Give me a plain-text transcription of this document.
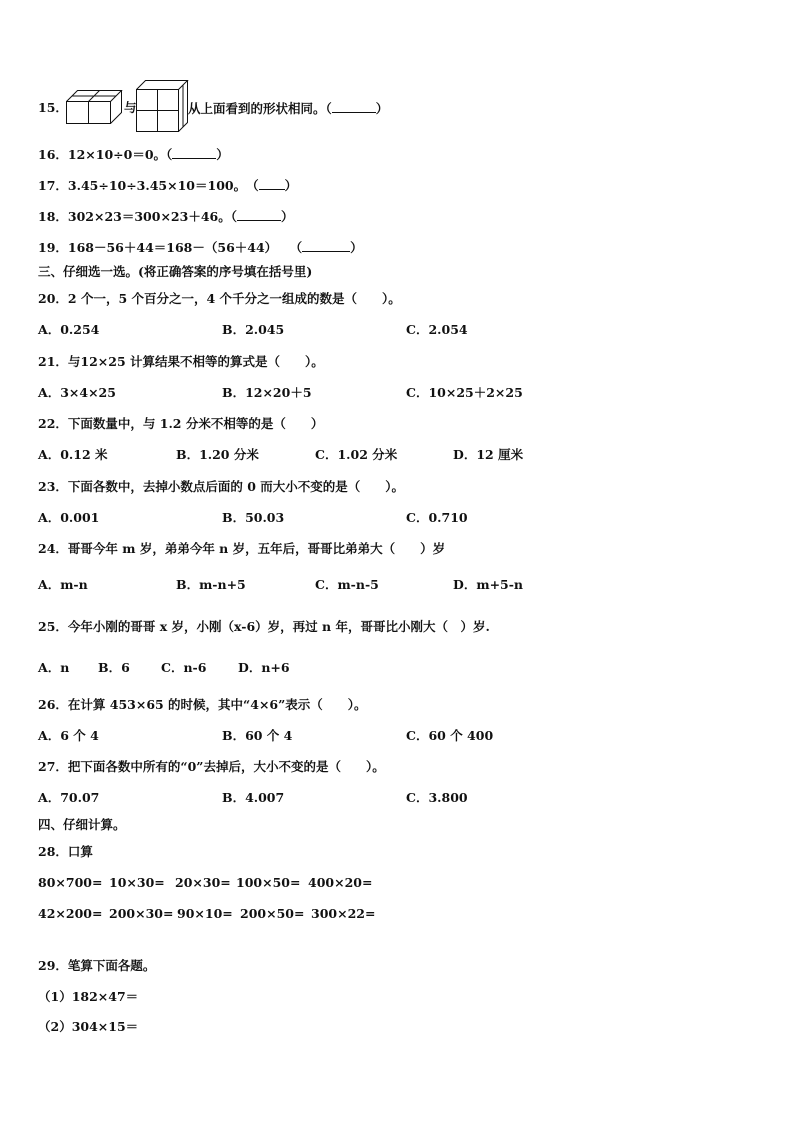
15．	与	从上面看到的形状相同。（	）
16．12×10÷0＝0。（	）
17．3.45÷10÷3.45×10＝100。　（ ）
18．302×23＝300×23＋46。（	）
19．168－56＋44＝168－（56＋44）　　（	）
三、仔细选一选。(将正确答案的序号填在括号里)
20．2 个一，5 个百分之一，4 个千分之一组成的数是（　　）。
A．0.254	B．2.045	C．2.054
21．与12×25 计算结果不相等的算式是（　　）。
A．3×4×25	B．12×20＋5	C．10×25＋2×25
22．下面数量中，与 1.2 分米不相等的是（　　）
A．0.12 米	B．1.20 分米	C．1.02 分米	D．12 厘米
23．下面各数中，去掉小数点后面的 0 而大小不变的是（　　）。
A．0.001	B．50.03	C．0.710
24．哥哥今年 m 岁，弟弟今年 n 岁，五年后，哥哥比弟弟大（　　）岁
A．m-n	B．m-n+5	C．m-n-5	D．m+5-n
25．今年小刚的哥哥 x 岁，小刚（x-6）岁，再过 n 年，哥哥比小刚大（　）岁.
A．n B．6 C．n-6	D．n+6
26．在计算 453×65 的时候，其中“4×6”表示（　　）。
A．6 个 4	B．60 个 4	C．60 个 400
27．把下面各数中所有的“0”去掉后，大小不变的是（　　）。
A．70.07	B．4.007	C．3.800
四、仔细计算。
28．口算
80×700= 10×30= 20×30= 100×50= 400×20=
42×200= 200×30= 90×10= 200×50= 300×22=
29．笔算下面各题。
（1）182×47＝
（2）304×15＝
